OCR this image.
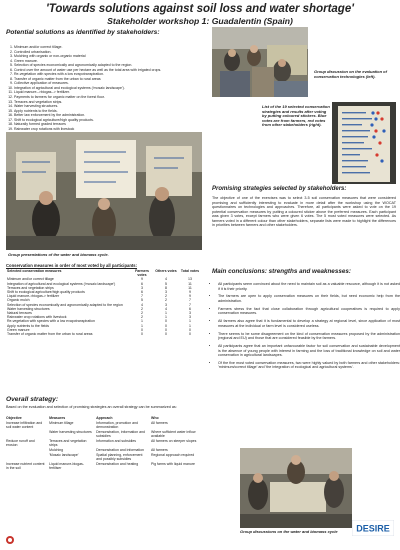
'Towards solutions against soil loss and water shortage'
Stakeholder workshop 1: Guadalentin (Spain)
Potential solutions as identified by stakeholders:
1. Minimum and/or correct tillage.
2. Controlled urbanisation.
3. Mulching with organic or non-organic material
4. Green manure.
5. Selection of species economically and agronomically adapted to the region.
6. Control over the amount of water use per hectare as well as the total area with irrigated crops.
7. Re-vegetation with species with a low evapotranspiration.
8. Transfer of organic matter from the urban to rural areas
9. Collective application of measures.
10. Integration of agricultural and ecological systems ('mosaic landscape').
11. Liquid manure-->biogas--> fertilizer.
12. Payments to farmers for organic matter on the forest floor.
13. Terraces and vegetation strips.
14. Water harvesting structures.
15. Apply nutrients to the fields.
16. Better law enforcement by the administration.
17. Shift to ecological agriculture/high quality products.
18. Naturally formed graded terraces
19. Rainwater crop rotations with livestock
Group discussion on the evaluation of conservation technologies (left).
List of the 19 selected conservation strategies and results after voting by putting coloured stickers. Blue votes are from farmers, red votes from other stakeholders (right).
Group presentations of the water and biomass cycle.
Promising strategies selected by stakeholders:
The objective of one of the exercises was to select 3-5 soil conservation measures that were considered promising and sufficiently interesting to evaluate in more detail after the workshop using the WOCAT questionnaires on technologies and approaches. Therefore, all participants were asked to vote on the 19 potential conservation measures by putting a coloured sticker above the preferred measures. Each participant was given 3 votes, except farmers who were given 6 votes. The 5 most voted measures were selected. As farmers voted in a different colour than other stakeholders, separate lists were made to highlight the differences in priorities between farmers and other stakeholders.
Conservation measures in order of most voted by all participants:
Selected conservation measures	Farmers votes	Others votes	Total votes
Minimum and/or correct tillage	9	4	13
Integration of agricultural and ecological systems ('mosaic landscape')	6	5	11
Terraces and vegetation strips	3	8	11
Shift to ecological agriculture/high quality products	6	3	9
Liquid manure->biogas-> fertilizer	7	2	9
Organic mulch	5	2	7
Selection of species economically and agronomically adapted to the region	4	3	7
Water harvesting structures	2	4	6
Natural terraces	2	1	3
Rainwater crop rotations with livestock	2	1	3
Re-vegetation with species with a low evapotranspiration	1	0	1
Apply nutrients to the fields	1	0	1
Green manure	0	0	0
Transfer of organic matter from the urban to rural areas	0	0	0
Main conclusions: strengths and weaknesses:
• All participants seem convinced about the need to maintain soil as a valuable resource, although it is not asked if it is their priority.
• The farmers are open to apply conservation measures on their fields, but need economic help from the administration.
• Farmers stress the fact that close collaboration through agricultural cooperatives is required to apply conservation measures.
• All farmers also agree that it is fundamental to develop a strategy at regional level, since application of most measures at the individual or farm level is considered useless.
• There seems to be some disagreement on the kind of conservation measures proposed by the administration (regional and EU) and those that are considered feasible by the farmers.
• All participants agree that an important unfavourable factor for soil conservation and sustainable development is the absence of young people with interest in farming and the loss of traditional knowledge on soil and water conservation in agricultural landscapes.
• Of the five most voted conservation measures, two were highly valued by both farmers and other stakeholders: 'minimum/correct tillage' and 'the integration of ecological and agricultural systems'.
Overall strategy:
Based on the evaluation and selection of promising strategies an overall strategy can be summarized as:
Objective	Measures	Approach	Who
Increase infiltration and soil water content	Minimum tillage	Information, promotion and demonstration	All farmers
	Water harvesting structures	Demonstration, information and subsidies	Where sufficient water inflow available
Reduce runoff and erosion	Terraces and vegetation strips	Information and subsidies	All farmers on steeper slopes
	Mulching	Demonstration and information	All farmers
	'Mosaic landscape'	Spatial planning, enforcement and possibly subsidies	Regional approach required
Increase nutrient content in the soil	Liquid manure-biogas-fertiliser	Demonstration and heating	Pig farms with liquid manure
Group discussions on the water and biomass cycle	DESIRE
